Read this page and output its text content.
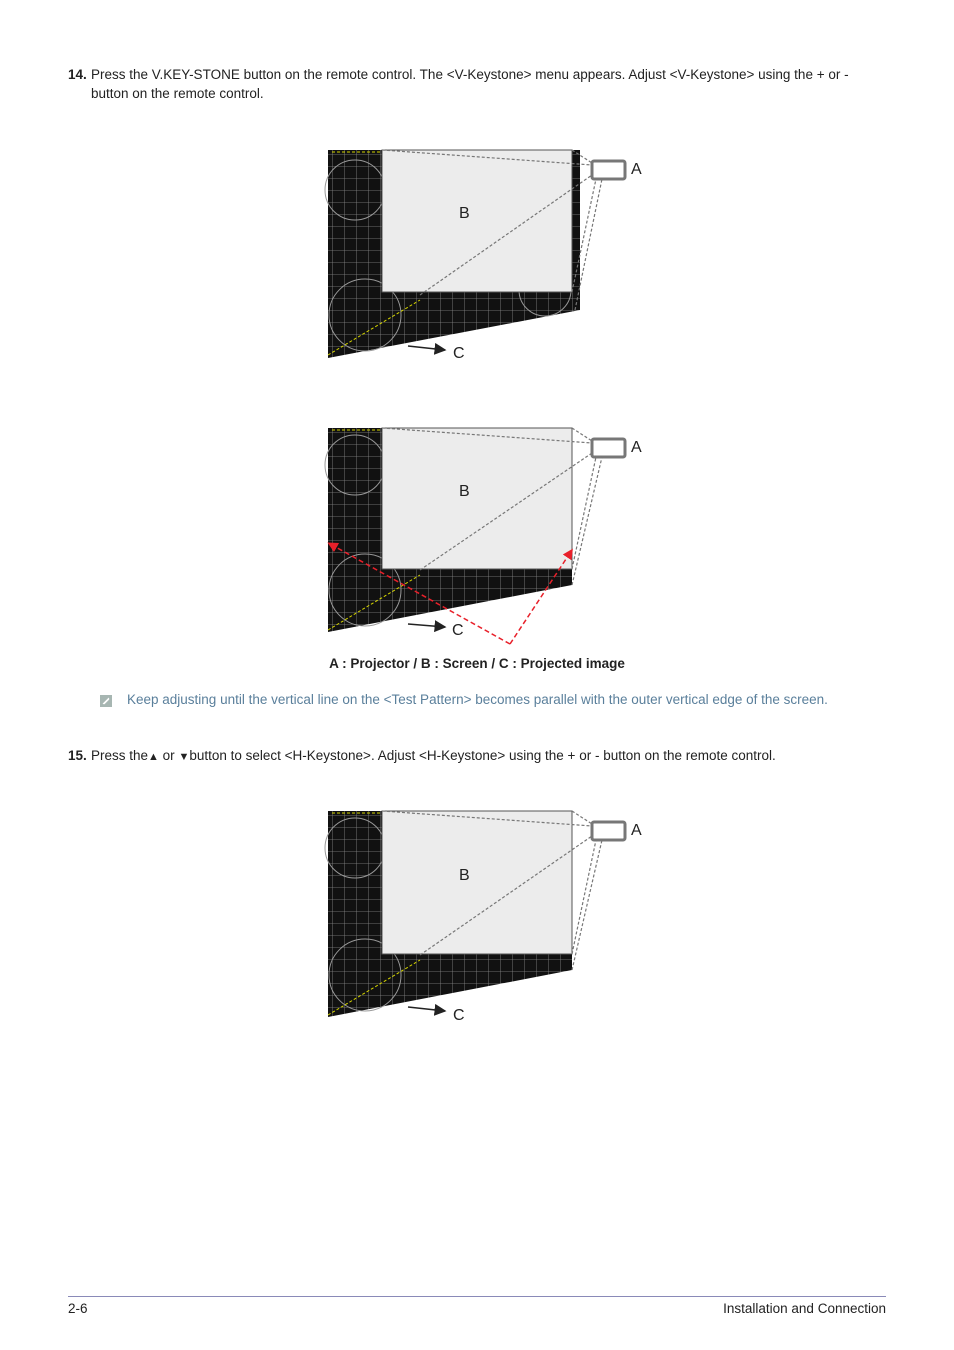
14. Press the V.KEY-STONE button on the remote control. The <V-Keystone> menu appears. Adjust <V-Keystone> using the + or - button on the remote control.
A
B
C
A
B
C
A : Projector / B : Screen / C : Projected image
Keep adjusting until the vertical line on the <Test Pattern> becomes parallel with the outer vertical edge of the screen.
15. Press the▲ or ▼button to select <H-Keystone>. Adjust <H-Keystone> using the + or - button on the remote control.
A
B
C
2-6	Installation and Connection
